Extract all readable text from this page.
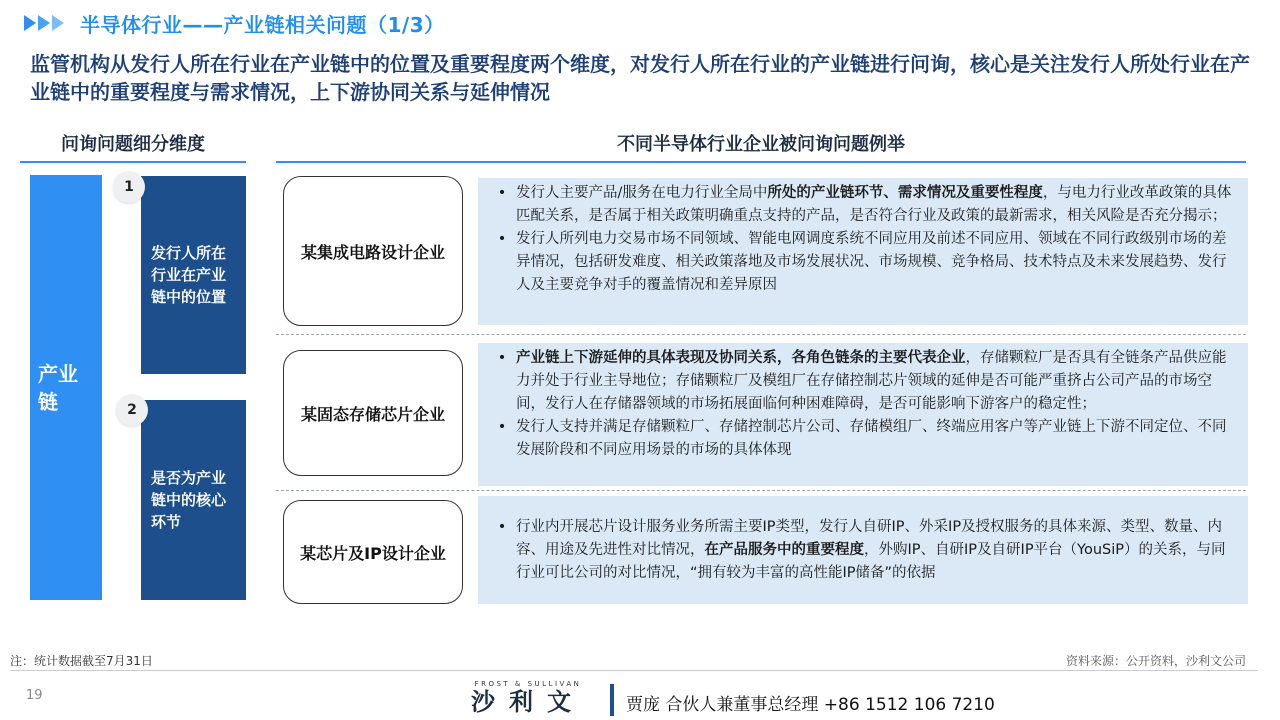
半导体行业——产业链相关问题（1/3）
监管机构从发行人所在行业在产业链中的位置及重要程度两个维度，对发行人所在行业的产业链进行问询，核心是关注发行人所处行业在产业链中的重要程度与需求情况，上下游协同关系与延伸情况
问询问题细分维度	不同半导体行业企业被问询问题例举
产业
链
发行人所在行业在产业链中的位置
1
是否为产业链中的核心环节
2
某集成电路设计企业
• 发行人主要产品/服务在电力行业全局中所处的产业链环节、需求情况及重要性程度，与电力行业改革政策的具体匹配关系，是否属于相关政策明确重点支持的产品，是否符合行业及政策的最新需求，相关风险是否充分揭示；
• 发行人所列电力交易市场不同领域、智能电网调度系统不同应用及前述不同应用、领域在不同行政级别市场的差异情况，包括研发难度、相关政策落地及市场发展状况、市场规模、竞争格局、技术特点及未来发展趋势、发行人及主要竞争对手的覆盖情况和差异原因
某固态存储芯片企业
• 产业链上下游延伸的具体表现及协同关系，各角色链条的主要代表企业，存储颗粒厂是否具有全链条产品供应能力并处于行业主导地位；存储颗粒厂及模组厂在存储控制芯片领域的延伸是否可能严重挤占公司产品的市场空间，发行人在存储器领域的市场拓展面临何种困难障碍，是否可能影响下游客户的稳定性；
• 发行人支持并满足存储颗粒厂、存储控制芯片公司、存储模组厂、终端应用客户等产业链上下游不同定位、不同发展阶段和不同应用场景的市场的具体体现
某芯片及IP设计企业
• 行业内开展芯片设计服务业务所需主要IP类型，发行人自研IP、外采IP及授权服务的具体来源、类型、数量、内容、用途及先进性对比情况，在产品服务中的重要程度，外购IP、自研IP及自研IP平台（YouSiP）的关系，与同行业可比公司的对比情况，“拥有较为丰富的高性能IP储备”的依据
注：统计数据截至7月31日	资料来源：公开资料，沙利文公司
19
FROST & SULLIVAN
沙利文	贾庞 合伙人兼董事总经理 +86 1512 106 7210
